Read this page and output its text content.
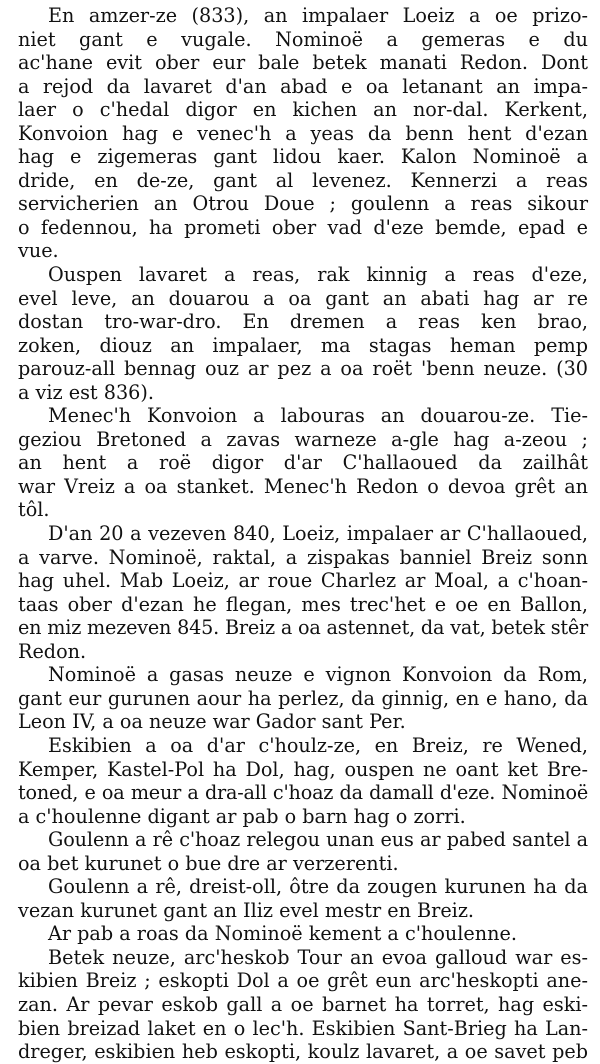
En amzer-ze (833), an impalaer Loeiz a oe prizo-
niet gant e vugale. Nominoë a gemeras e du
ac'hane evit ober eur bale betek manati Redon. Dont
a rejod da lavaret d'an abad e oa letanant an impa-
laer o c'hedal digor en kichen an nor-dal. Kerkent,
Konvoion hag e venec'h a yeas da benn hent d'ezan
hag e zigemeras gant lidou kaer. Kalon Nominoë a
dride, en de-ze, gant al levenez. Kennerzi a reas
servicherien an Otrou Doue ; goulenn a reas sikour
o fedennou, ha prometi ober vad d'eze bemde, epad e
vue.
Ouspen lavaret a reas, rak kinnig a reas d'eze,
evel leve, an douarou a oa gant an abati hag ar re
dostan tro-war-dro. En dremen a reas ken brao,
zoken, diouz an impalaer, ma stagas heman pemp
parouz-all bennag ouz ar pez a oa roët 'benn neuze. (30
a viz est 836).
Menec'h Konvoion a labouras an douarou-ze. Tie-
geziou Bretoned a zavas warneze a-gle hag a-zeou ;
an hent a roë digor d'ar C'hallaoued da zailhât
war Vreiz a oa stanket. Menec'h Redon o devoa grêt an
tôl.
D'an 20 a vezeven 840, Loeiz, impalaer ar C'hallaoued,
a varve. Nominoë, raktal, a zispakas banniel Breiz sonn
hag uhel. Mab Loeiz, ar roue Charlez ar Moal, a c'hoan-
taas ober d'ezan he flegan, mes trec'het e oe en Ballon,
en miz mezeven 845. Breiz a oa astennet, da vat, betek stêr
Redon.
Nominoë a gasas neuze e vignon Konvoion da Rom,
gant eur gurunen aour ha perlez, da ginnig, en e hano, da
Leon IV, a oa neuze war Gador sant Per.
Eskibien a oa d'ar c'houlz-ze, en Breiz, re Wened,
Kemper, Kastel-Pol ha Dol, hag, ouspen ne oant ket Bre-
toned, e oa meur a dra-all c'hoaz da damall d'eze. Nominoë
a c'houlenne digant ar pab o barn hag o zorri.
Goulenn a rê c'hoaz relegou unan eus ar pabed santel a
oa bet kurunet o bue dre ar verzerenti.
Goulenn a rê, dreist-oll, ôtre da zougen kurunen ha da
vezan kurunet gant an Iliz evel mestr en Breiz.
Ar pab a roas da Nominoë kement a c'houlenne.
Betek neuze, arc'heskob Tour an evoa galloud war es-
kibien Breiz ; eskopti Dol a oe grêt eun arc'heskopti ane-
zan. Ar pevar eskob gall a oe barnet ha torret, hag eski-
bien breizad laket en o lec'h. Eskibien Sant-Brieg ha Lan-
dreger, eskibien heb eskopti, koulz lavaret, a oe savet peb
